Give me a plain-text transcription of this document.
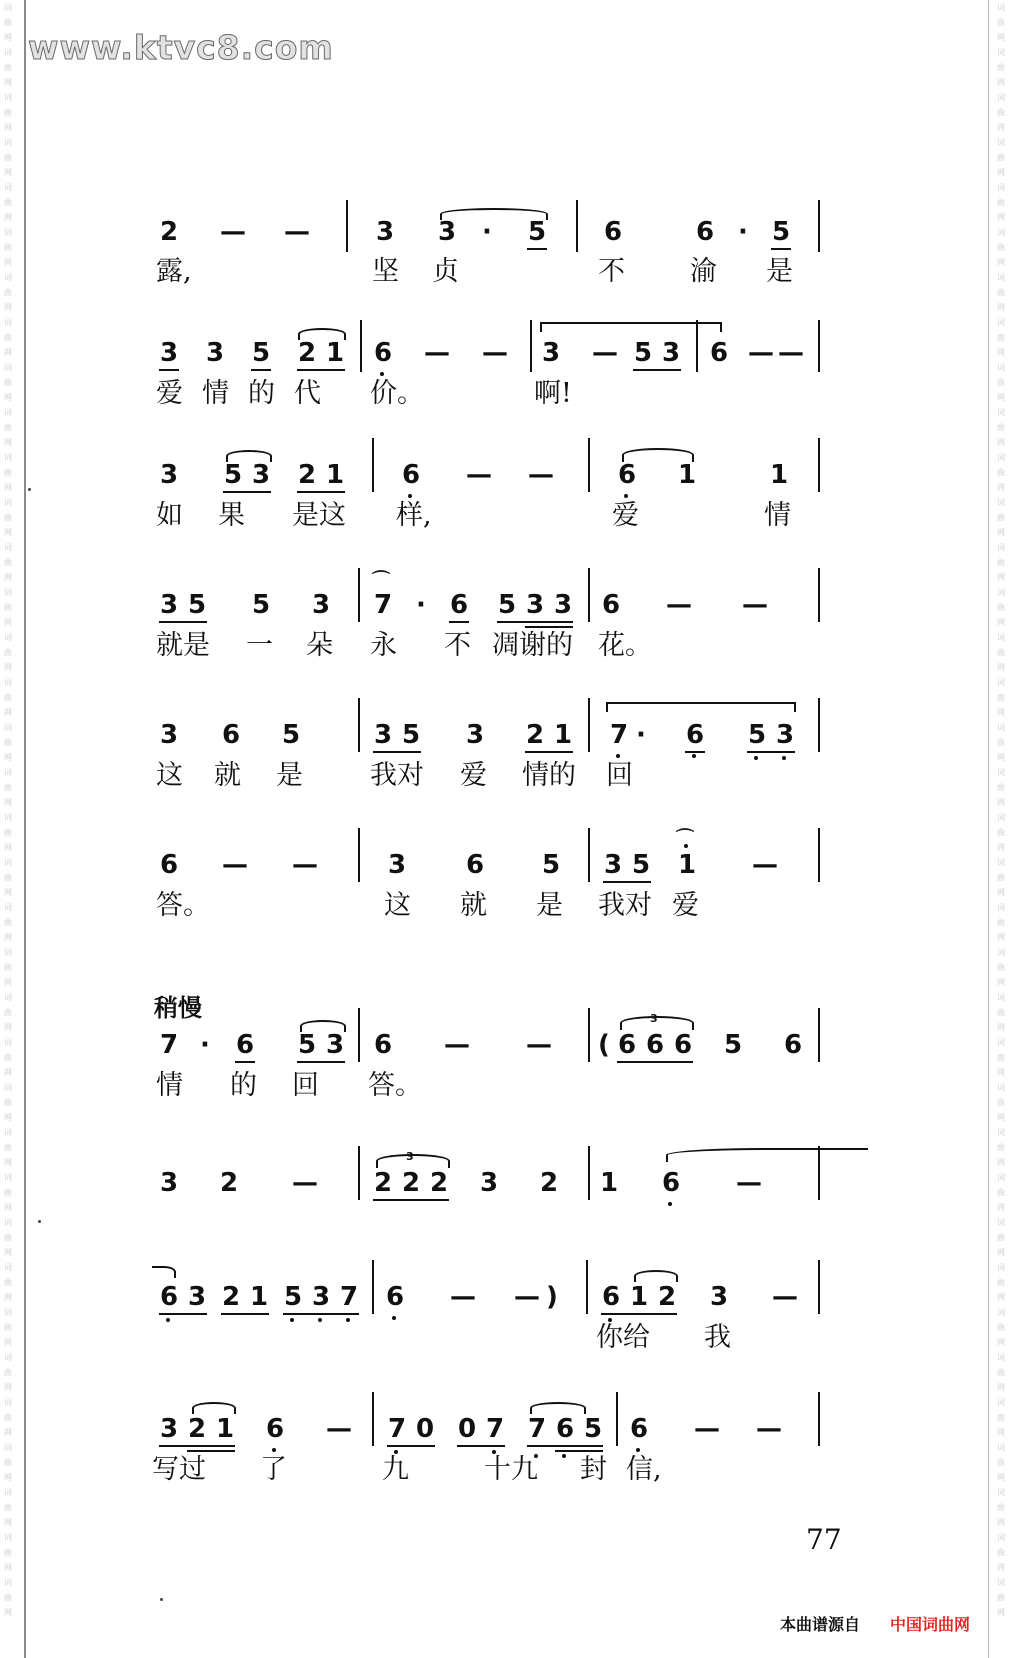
词
曲
网
词
曲
网
词
曲
网
词
曲
网
词
曲
网
词
曲
网
词
曲
网
词
曲
网
词
曲
网
词
曲
网
词
曲
网
词
曲
网
词
曲
网
词
曲
网
词
曲
网
词
曲
网
词
曲
网
词
曲
网
词
曲
网
词
曲
网
词
曲
网
词
曲
网
词
曲
网
词
曲
网
词
曲
网
词
曲
网
词
曲
网
词
曲
网
词
曲
网
词
曲
网
词
曲
网
词
曲
网
词
曲
网
词
曲
网
词
曲
网
词
曲
网

词
曲
网
词
曲
网
词
曲
网
词
曲
网
词
曲
网
词
曲
网
词
曲
网
词
曲
网
词
曲
网
词
曲
网
词
曲
网
词
曲
网
词
曲
网
词
曲
网
词
曲
网
词
曲
网
词
曲
网
词
曲
网
词
曲
网
词
曲
网
词
曲
网
词
曲
网
词
曲
网
词
曲
网
词
曲
网
词
曲
网
词
曲
网
词
曲
网
词
曲
网
词
曲
网
词
曲
网
词
曲
网
词
曲
网
词
曲
网
词
曲
网
词
曲
网

www.ktvc8.com
2 — —	3 3 · 5 6	6 · 5
露,	坚 贞	不 渝 是
3 3 5 2 1 6 — — 3 — 5 3 6 — —
爱 情 的 代 价。	啊!
3 5 3 2 1 6 — — 6 1	1
如 果 是这 样,	爱	情
3 5 5 3
⌒
7 · 6 5 3 3 6 — —
就是 一 朵 永 不 凋谢的 花。
3 6 5	3 5 3 2 1 7 · 6 5 3
这 就 是 我对 爱 情的 回
6 — —	3 6 5 3 5 1
⌒
—
答。	这 就 是 我对 爱
稍慢
7 · 6 5 3 6 — — ( 6 6 6
3
5 6
情 的 回 答。
3 2 — 2 2 2
3
3 2 1 6 —
6 3 2 1 5 3 7 6 — — ) 6 1 2 3 —
你给 我
3 2 1 6 — 7 0 0 7 7 6 5 6 — —
写过 了	九	十九 封 信,
77
本曲谱源自 中国词曲网
